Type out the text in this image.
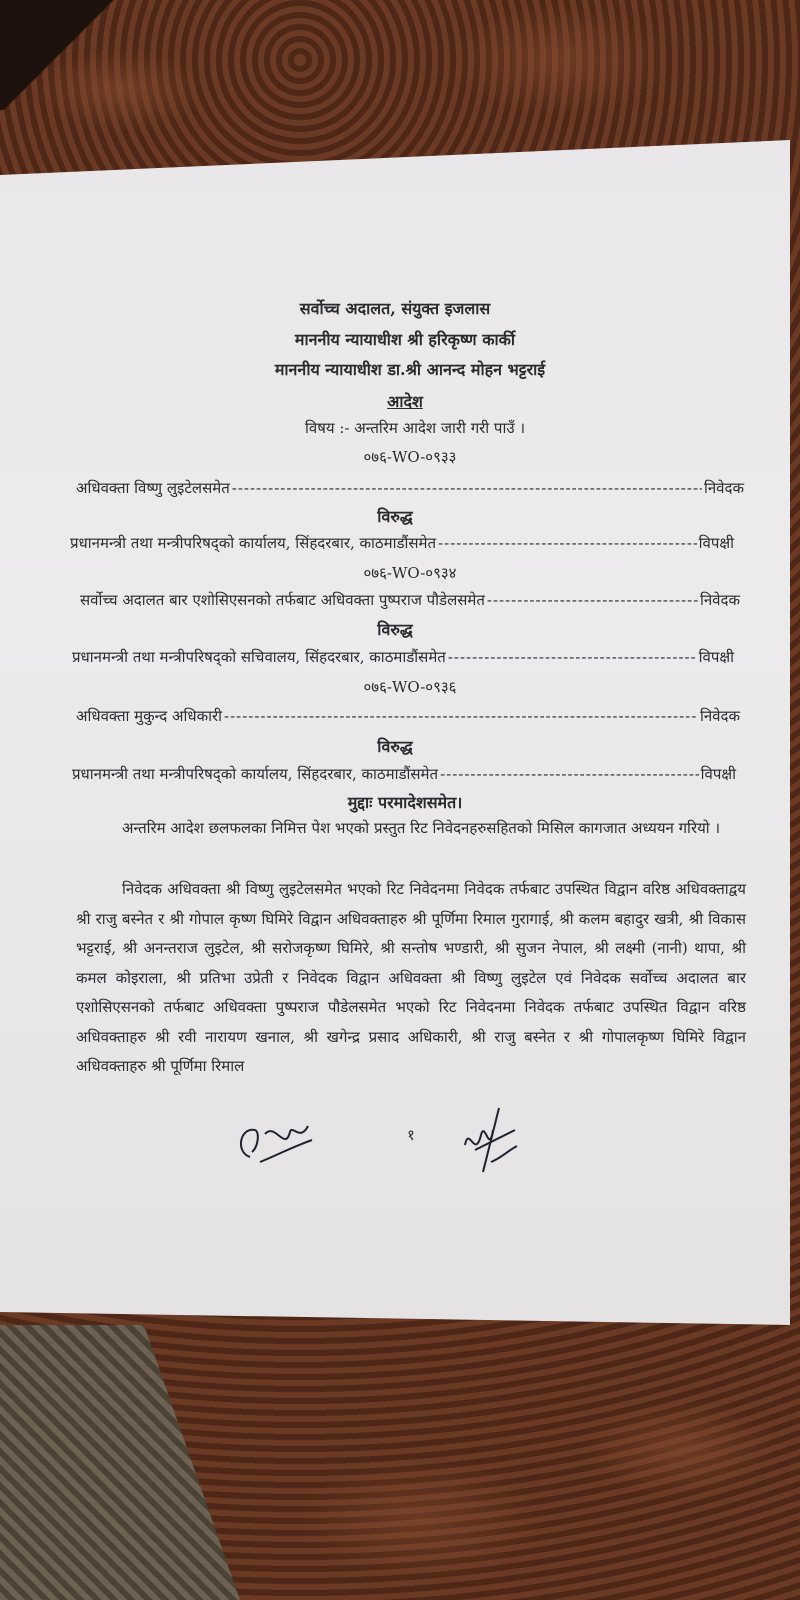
सर्वोच्च अदालत, संयुक्त इजलास
माननीय न्यायाधीश श्री हरिकृष्ण कार्की
माननीय न्यायाधीश डा.श्री आनन्द मोहन भट्टराई
आदेश
विषय :- अन्तरिम आदेश जारी गरी पाउँ ।
०७६-WO-०९३३
अधिवक्ता विष्णु लुइटेलसमेत -----	निवेदक
विरुद्ध
प्रधानमन्त्री तथा मन्त्रीपरिषद्को कार्यालय, सिंहदरबार, काठमाडौंसमेत -----	विपक्षी
०७६-WO-०९३४
सर्वोच्च अदालत बार एशोसिएसनको तर्फबाट अधिवक्ता पुष्पराज पौडेलसमेत -----	निवेदक
विरुद्ध
प्रधानमन्त्री तथा मन्त्रीपरिषद्को सचिवालय, सिंहदरबार, काठमाडौंसमेत -----	विपक्षी
०७६-WO-०९३६
अधिवक्ता मुकुन्द अधिकारी -----	निवेदक
विरुद्ध
प्रधानमन्त्री तथा मन्त्रीपरिषद्को कार्यालय, सिंहदरबार, काठमाडौंसमेत -----	विपक्षी
मुद्दाः परमादेशसमेत।
अन्तरिम आदेश छलफलका निमित्त पेश भएको प्रस्तुत रिट निवेदनहरुसहितको मिसिल कागजात अध्ययन गरियो ।
निवेदक अधिवक्ता श्री विष्णु लुइटेलसमेत भएको रिट निवेदनमा निवेदक तर्फबाट उपस्थित विद्वान वरिष्ठ अधिवक्ताद्वय श्री राजु बस्नेत र श्री गोपाल कृष्ण घिमिरे विद्वान अधिवक्ताहरु श्री पूर्णिमा रिमाल गुरागाई, श्री कलम बहादुर खत्री, श्री विकास भट्टराई, श्री अनन्तराज लुइटेल, श्री सरोजकृष्ण घिमिरे, श्री सन्तोष भण्डारी, श्री सुजन नेपाल, श्री लक्ष्मी (नानी) थापा, श्री कमल कोइराला, श्री प्रतिभा उप्रेती र निवेदक विद्वान अधिवक्ता श्री विष्णु लुइटेल एवं निवेदक सर्वोच्च अदालत बार एशोसिएसनको तर्फबाट अधिवक्ता पुष्पराज पौडेलसमेत भएको रिट निवेदनमा निवेदक तर्फबाट उपस्थित विद्वान वरिष्ठ अधिवक्ताहरु श्री रवी नारायण खनाल, श्री खगेन्द्र प्रसाद अधिकारी, श्री राजु बस्नेत र श्री गोपालकृष्ण घिमिरे विद्वान अधिवक्ताहरु श्री पूर्णिमा रिमाल
१
